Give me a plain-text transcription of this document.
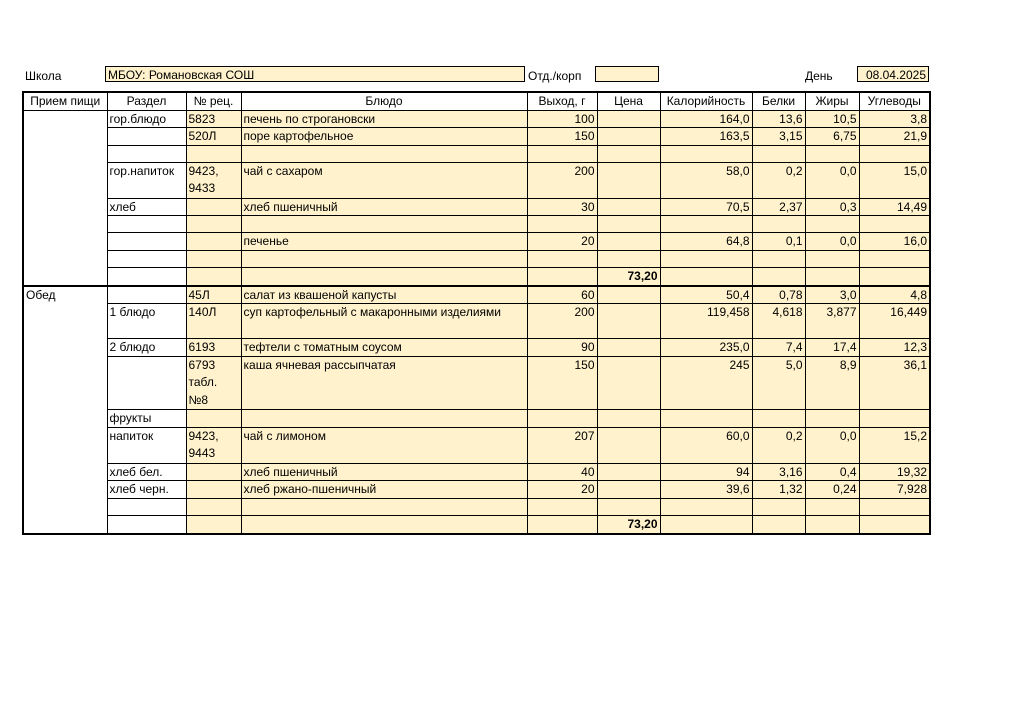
Школа	МБОУ: Романовская СОШ	Отд./корп	День	08.04.2025
Прием пищи	Раздел	№ рец.	Блюдо	Выход, г	Цена	Калорийность	Белки	Жиры	Углеводы
	гор.блюдо	5823	печень по строгановски	100		164,0	13,6	10,5	3,8
		520Л	поре картофельное	150		163,5	3,15	6,75	21,9

	гор.напиток	9423, 9433	чай с сахаром	200		58,0	0,2	0,0	15,0
	хлеб		хлеб пшеничный	30		70,5	2,37	0,3	14,49

			печенье	20		64,8	0,1	0,0	16,0

					73,20				
Обед		45Л	салат из квашеной капусты	60		50,4	0,78	3,0	4,8
	1 блюдо	140Л	суп картофельный с макаронными изделиями	200		119,458	4,618	3,877	16,449
	2 блюдо	6193	тефтели с томатным соусом	90		235,0	7,4	17,4	12,3
		6793 табл. №8	каша ячневая рассыпчатая	150		245	5,0	8,9	36,1
	фрукты								
	напиток	9423, 9443	чай с лимоном	207		60,0	0,2	0,0	15,2
	хлеб бел.		хлеб пшеничный	40		94	3,16	0,4	19,32
	хлеб черн.		хлеб ржано-пшеничный	20		39,6	1,32	0,24	7,928

					73,20				
